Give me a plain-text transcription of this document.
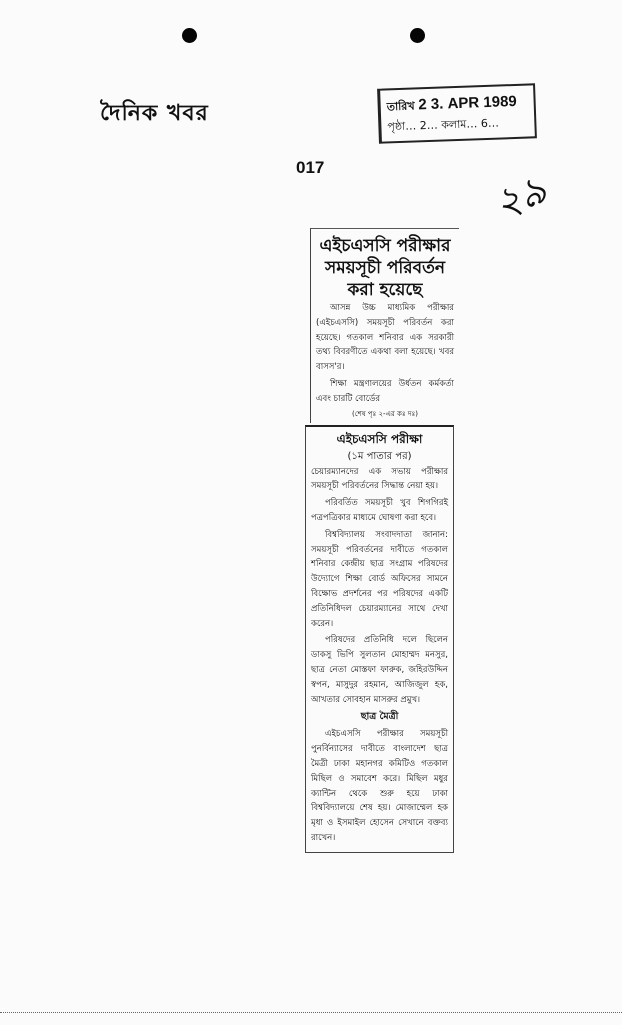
দৈনিক খবর	তারিখ 2 3. APR 1989
পৃষ্ঠা… 2… কলাম… 6…
017	২৯
এইচএসসি পরীক্ষার সময়সূচী পরিবর্তন করা হয়েছে

আসন্ন উচ্চ মাধ্যমিক পরীক্ষার (এইচএসসি) সময়সূচী পরিবর্তন করা হয়েছে। গতকাল শনিবার এক সরকারী তথ্য বিবরণীতে একথা বলা হয়েছে। খবর বাসস'র।

শিক্ষা মন্ত্রণালয়ের উর্ধতন কর্মকর্তা এবং চারটি বোর্ডের

(শেষ পৃঃ ২-এর কঃ দঃ)
এইচএসসি পরীক্ষা
(১ম পাতার পর)

চেয়ারম্যানদের এক সভায় পরীক্ষার সময়সূচী পরিবর্তনের সিদ্ধান্ত নেয়া হয়।

পরিবর্তিত সময়সূচী খুব শিগগিরই পত্রপত্রিকার মাধ্যমে ঘোষণা করা হবে।

বিশ্ববিদ্যালয় সংবাদদাতা জানান: সময়সূচী পরিবর্তনের দাবীতে গতকাল শনিবার কেন্দ্রীয় ছাত্র সংগ্রাম পরিষদের উদ্যোগে শিক্ষা বোর্ড অফিসের সামনে বিক্ষোভ প্রদর্শনের পর পরিষদের একটি প্রতিনিধিদল চেয়ারম্যানের সাথে দেখা করেন।

পরিষদের প্রতিনিধি দলে ছিলেন ডাকসু ভিপি সুলতান মোহাম্মদ মনসুর, ছাত্র নেতা মোস্তফা ফারুক, জহিরউদ্দিন স্বপন, মাসুদুর রহমান, আজিজুল হক, আখতার সোবহান মাসরুর প্রমুখ।

ছাত্র মৈত্রী

এইচএসসি পরীক্ষার সময়সূচী পুনর্বিন্যাসের দাবীতে বাংলাদেশ ছাত্র মৈত্রী ঢাকা মহানগর কমিটিও গতকাল মিছিল ও সমাবেশ করে। মিছিল মধুর ক্যান্টিন থেকে শুরু হয়ে ঢাকা বিশ্ববিদ্যালয়ে শেষ হয়। মোজাম্মেল হক মৃধা ও ইসমাইল হোসেন সেখানে বক্তব্য রাখেন।
